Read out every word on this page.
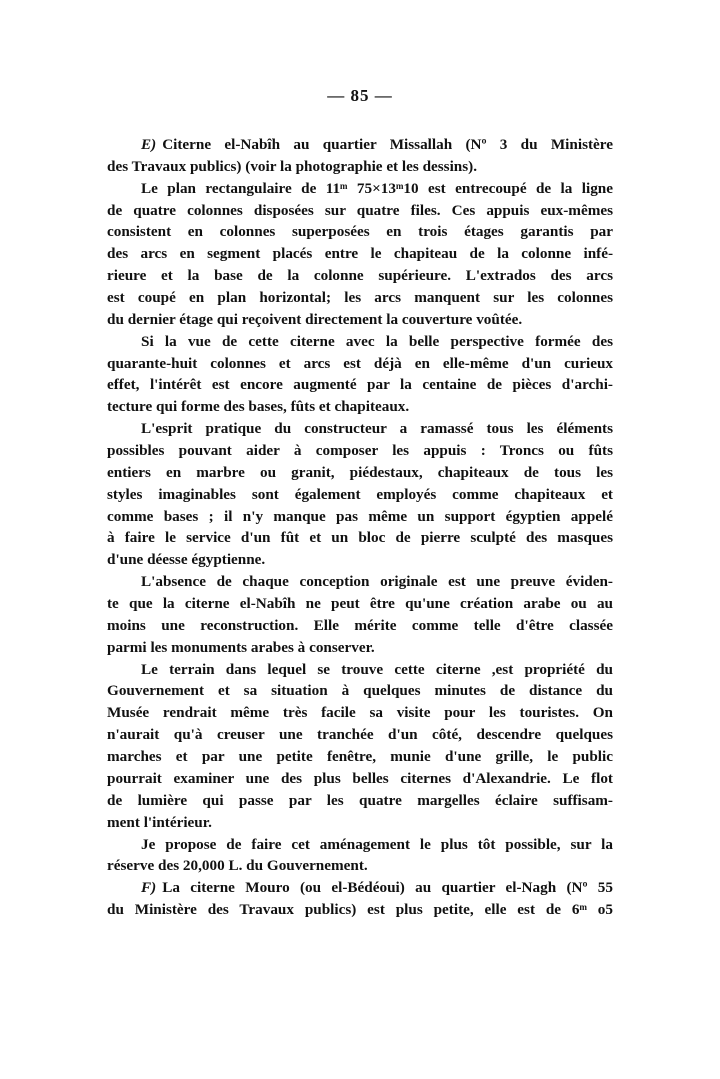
— 85 —
E) Citerne el-Nabîh au quartier Missallah (Nº 3 du Ministère
des Travaux publics) (voir la photographie et les dessins).
Le plan rectangulaire de 11ᵐ 75×13ᵐ10 est entrecoupé de la ligne
de quatre colonnes disposées sur quatre files. Ces appuis eux-mêmes
consistent en colonnes superposées en trois étages garantis par
des arcs en segment placés entre le chapiteau de la colonne infé-
rieure et la base de la colonne supérieure. L'extrados des arcs
est coupé en plan horizontal; les arcs manquent sur les colonnes
du dernier étage qui reçoivent directement la couverture voûtée.
Si la vue de cette citerne avec la belle perspective formée des
quarante-huit colonnes et arcs est déjà en elle-même d'un curieux
effet, l'intérêt est encore augmenté par la centaine de pièces d'archi-
tecture qui forme des bases, fûts et chapiteaux.
L'esprit pratique du constructeur a ramassé tous les éléments
possibles pouvant aider à composer les appuis : Troncs ou fûts
entiers en marbre ou granit, piédestaux, chapiteaux de tous les
styles imaginables sont également employés comme chapiteaux et
comme bases ; il n'y manque pas même un support égyptien appelé
à faire le service d'un fût et un bloc de pierre sculpté des masques
d'une déesse égyptienne.
L'absence de chaque conception originale est une preuve éviden-
te que la citerne el-Nabîh ne peut être qu'une création arabe ou au
moins une reconstruction. Elle mérite comme telle d'être classée
parmi les monuments arabes à conserver.
Le terrain dans lequel se trouve cette citerne ,est propriété du
Gouvernement et sa situation à quelques minutes de distance du
Musée rendrait même très facile sa visite pour les touristes. On
n'aurait qu'à creuser une tranchée d'un côté, descendre quelques
marches et par une petite fenêtre, munie d'une grille, le public
pourrait examiner une des plus belles citernes d'Alexandrie. Le flot
de lumière qui passe par les quatre margelles éclaire suffisam-
ment l'intérieur.
Je propose de faire cet aménagement le plus tôt possible, sur la
réserve des 20,000 L. du Gouvernement.
F) La citerne Mouro (ou el-Bédéoui) au quartier el-Nagh (Nº 55
du Ministère des Travaux publics) est plus petite, elle est de 6ᵐ o5
